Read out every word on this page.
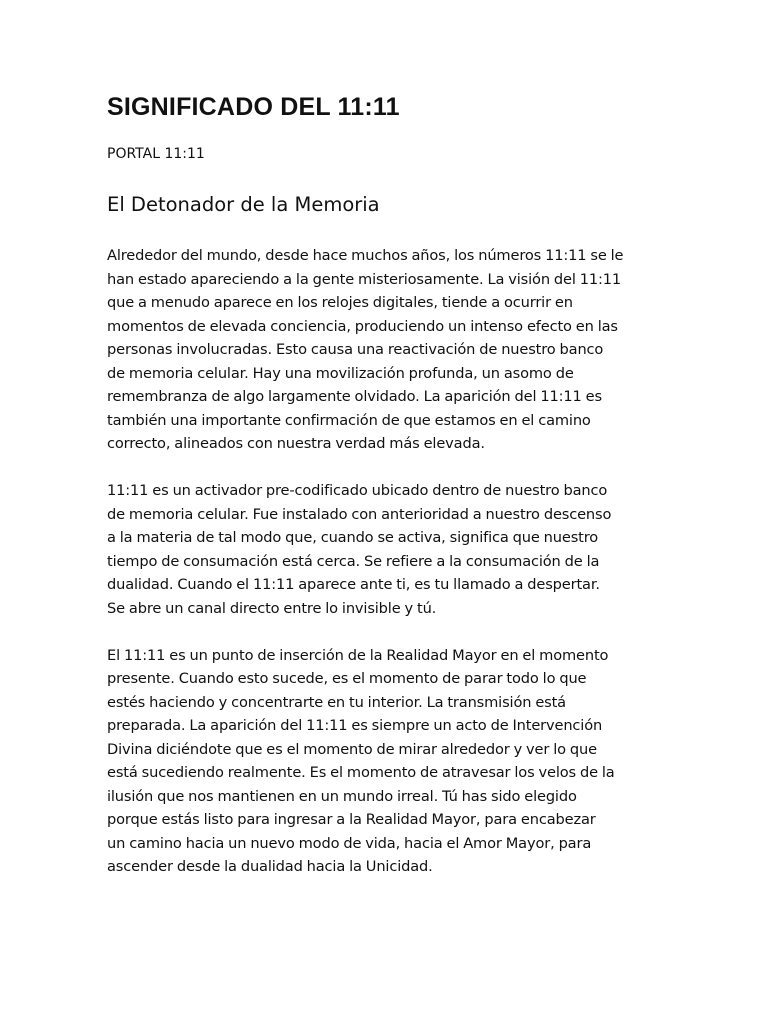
SIGNIFICADO DEL 11:11

PORTAL 11:11

El Detonador de la Memoria

Alrededor del mundo, desde hace muchos años, los números 11:11 se le
han estado apareciendo a la gente misteriosamente. La visión del 11:11
que a menudo aparece en los relojes digitales, tiende a ocurrir en
momentos de elevada conciencia, produciendo un intenso efecto en las
personas involucradas. Esto causa una reactivación de nuestro banco
de memoria celular. Hay una movilización profunda, un asomo de
remembranza de algo largamente olvidado. La aparición del 11:11 es
también una importante confirmación de que estamos en el camino
correcto, alineados con nuestra verdad más elevada.

11:11 es un activador pre-codificado ubicado dentro de nuestro banco
de memoria celular. Fue instalado con anterioridad a nuestro descenso
a la materia de tal modo que, cuando se activa, significa que nuestro
tiempo de consumación está cerca. Se refiere a la consumación de la
dualidad. Cuando el 11:11 aparece ante ti, es tu llamado a despertar.
Se abre un canal directo entre lo invisible y tú.

El 11:11 es un punto de inserción de la Realidad Mayor en el momento
presente. Cuando esto sucede, es el momento de parar todo lo que
estés haciendo y concentrarte en tu interior. La transmisión está
preparada. La aparición del 11:11 es siempre un acto de Intervención
Divina diciéndote que es el momento de mirar alrededor y ver lo que
está sucediendo realmente. Es el momento de atravesar los velos de la
ilusión que nos mantienen en un mundo irreal. Tú has sido elegido
porque estás listo para ingresar a la Realidad Mayor, para encabezar
un camino hacia un nuevo modo de vida, hacia el Amor Mayor, para
ascender desde la dualidad hacia la Unicidad.
